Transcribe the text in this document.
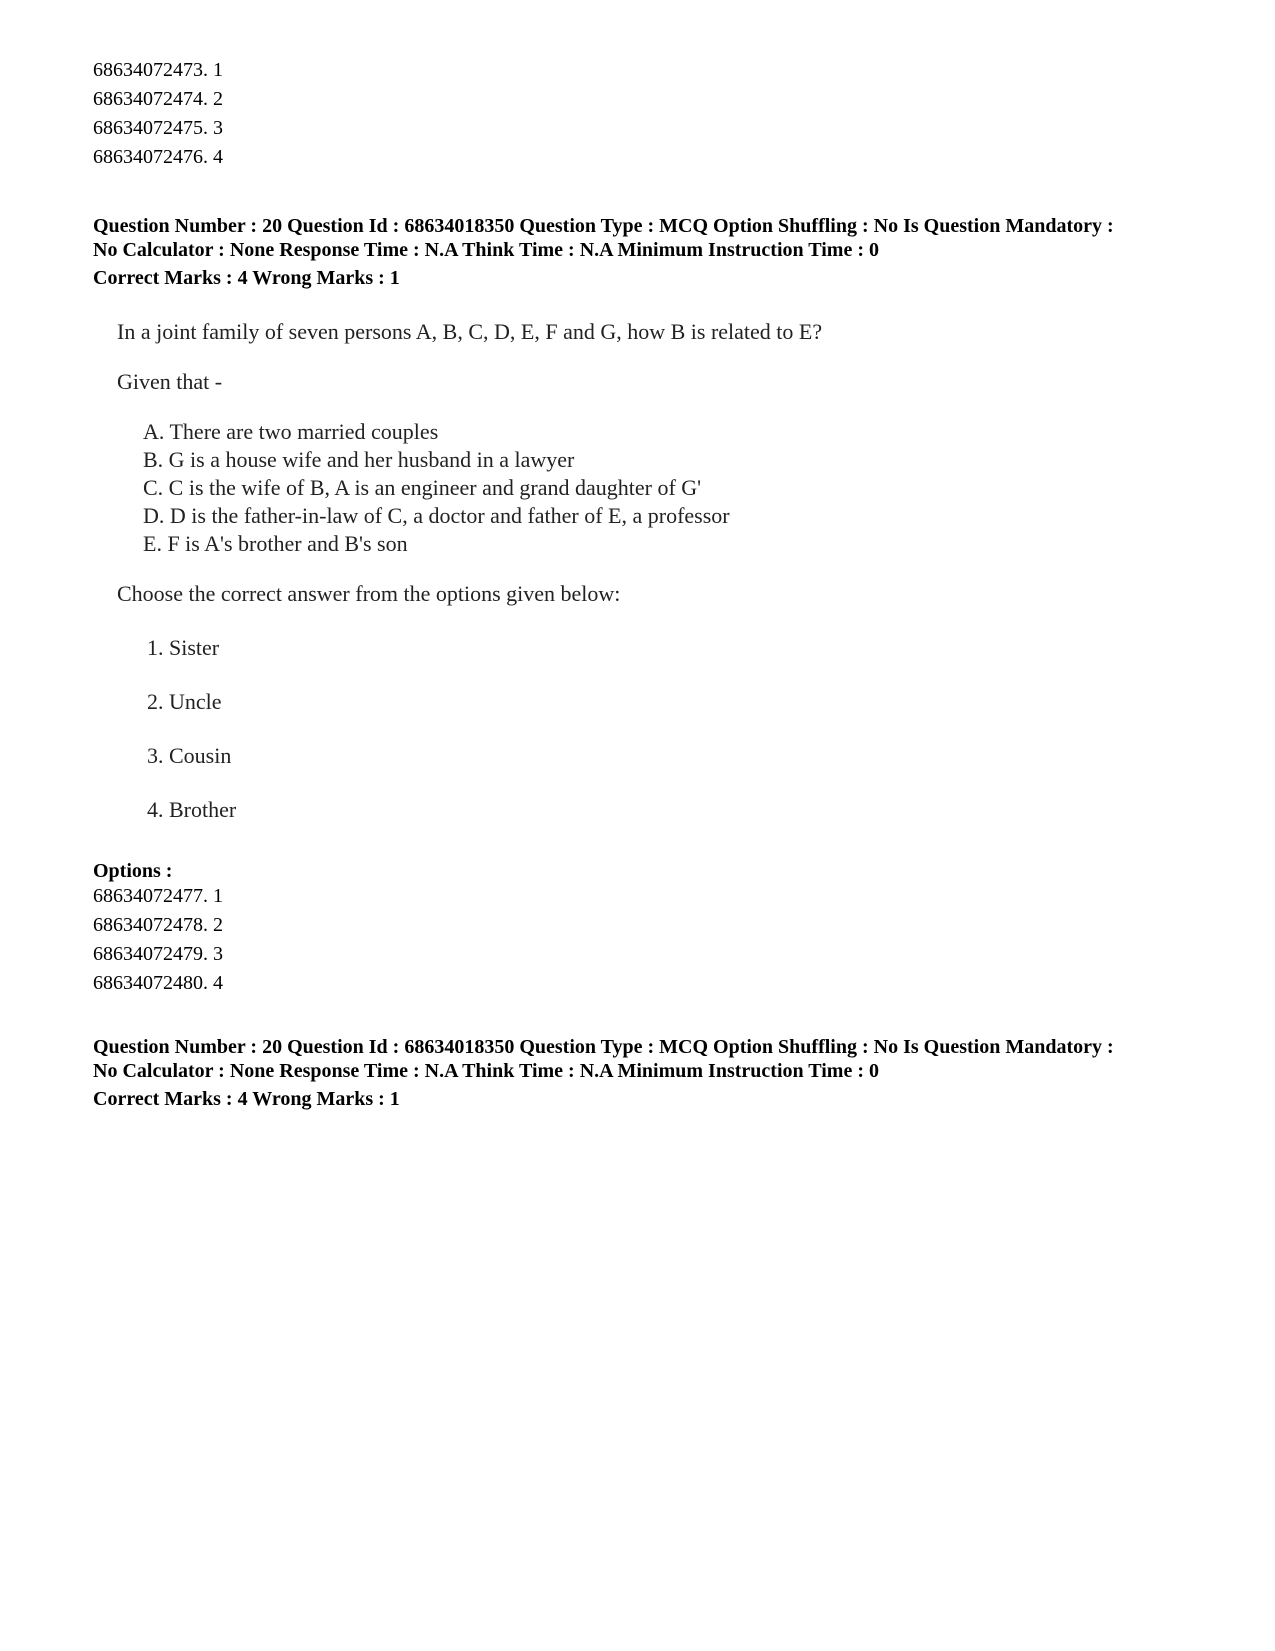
68634072473. 1
68634072474. 2
68634072475. 3
68634072476. 4
Question Number : 20 Question Id : 68634018350 Question Type : MCQ Option Shuffling : No Is Question Mandatory :
No Calculator : None Response Time : N.A Think Time : N.A Minimum Instruction Time : 0
Correct Marks : 4 Wrong Marks : 1
In a joint family of seven persons A, B, C, D, E, F and G, how B is related to E?
Given that -
A. There are two married couples
B. G is a house wife and her husband in a lawyer
C. C is the wife of B, A is an engineer and grand daughter of G'
D. D is the father-in-law of C, a doctor and father of E, a professor
E. F is A's brother and B's son
Choose the correct answer from the options given below:
1. Sister
2. Uncle
3. Cousin
4. Brother
Options :
68634072477. 1
68634072478. 2
68634072479. 3
68634072480. 4
Question Number : 20 Question Id : 68634018350 Question Type : MCQ Option Shuffling : No Is Question Mandatory :
No Calculator : None Response Time : N.A Think Time : N.A Minimum Instruction Time : 0
Correct Marks : 4 Wrong Marks : 1
